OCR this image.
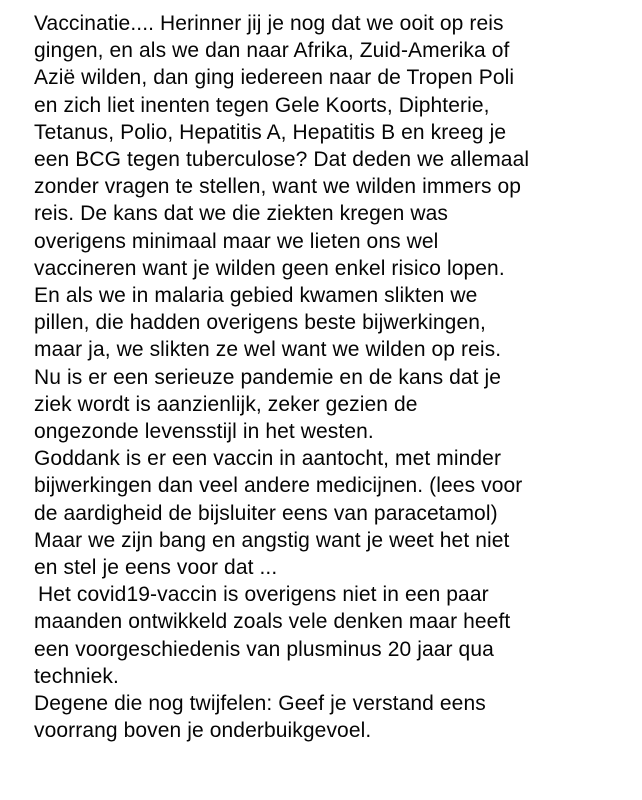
Vaccinatie.... Herinner jij je nog dat we ooit op reis
gingen, en als we dan naar Afrika, Zuid-Amerika of
Azië wilden, dan ging iedereen naar de Tropen Poli
en zich liet inenten tegen Gele Koorts, Diphterie,
Tetanus, Polio, Hepatitis A, Hepatitis B en kreeg je
een BCG tegen tuberculose? Dat deden we allemaal
zonder vragen te stellen, want we wilden immers op
reis. De kans dat we die ziekten kregen was
overigens minimaal maar we lieten ons wel
vaccineren want je wilden geen enkel risico lopen.
En als we in malaria gebied kwamen slikten we
pillen, die hadden overigens beste bijwerkingen,
maar ja, we slikten ze wel want we wilden op reis.
Nu is er een serieuze pandemie en de kans dat je
ziek wordt is aanzienlijk, zeker gezien de
ongezonde levensstijl in het westen.
Goddank is er een vaccin in aantocht, met minder
bijwerkingen dan veel andere medicijnen. (lees voor
de aardigheid de bijsluiter eens van paracetamol)
Maar we zijn bang en angstig want je weet het niet
en stel je eens voor dat ...
Het covid19-vaccin is overigens niet in een paar
maanden ontwikkeld zoals vele denken maar heeft
een voorgeschiedenis van plusminus 20 jaar qua
techniek.
Degene die nog twijfelen: Geef je verstand eens
voorrang boven je onderbuikgevoel.
